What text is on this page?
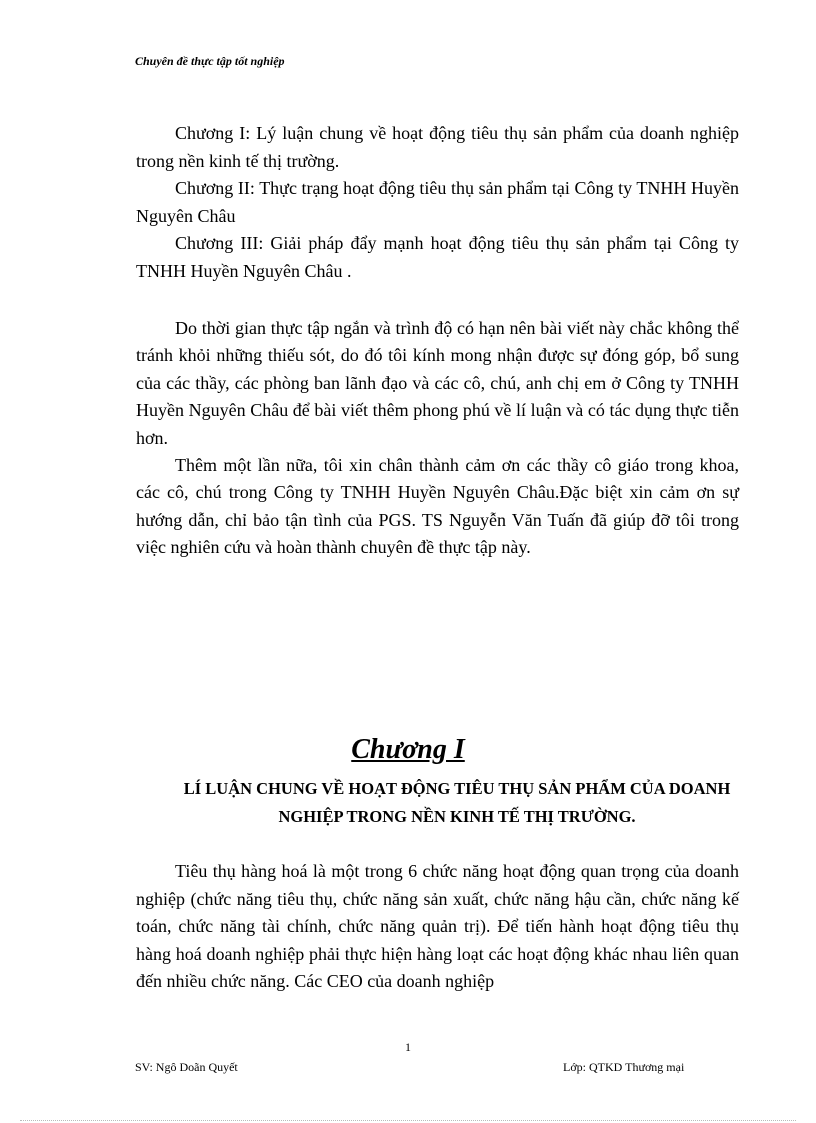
Chuyên đề thực tập tốt nghiệp

Chương I: Lý luận chung về hoạt động tiêu thụ sản phẩm của doanh nghiệp trong nền kinh tế thị trường.

Chương II: Thực trạng hoạt động tiêu thụ sản phẩm tại Công ty TNHH Huyền Nguyên Châu

Chương III: Giải pháp đẩy mạnh hoạt động tiêu thụ sản phẩm tại Công ty TNHH Huyền Nguyên Châu .

Do thời gian thực tập ngắn và trình độ có hạn nên bài viết này chắc không thể tránh khỏi những thiếu sót, do đó tôi kính mong nhận được sự đóng góp, bổ sung của các thầy, các phòng ban lãnh đạo và các cô, chú, anh chị em ở Công ty TNHH Huyền Nguyên Châu để bài viết thêm phong phú về lí luận và có tác dụng thực tiễn hơn.

Thêm một lần nữa, tôi xin chân thành cảm ơn các thầy cô giáo trong khoa, các cô, chú trong Công ty TNHH Huyền Nguyên Châu.Đặc biệt xin cảm ơn sự hướng dẫn, chỉ bảo tận tình của PGS. TS Nguyễn Văn Tuấn đã giúp đỡ tôi trong việc nghiên cứu và hoàn thành chuyên đề thực tập này.

Chương I
LÍ LUẬN CHUNG VỀ HOẠT ĐỘNG TIÊU THỤ SẢN PHẨM CỦA DOANH NGHIỆP TRONG NỀN KINH TẾ THỊ TRƯỜNG.

Tiêu thụ hàng hoá là một trong 6 chức năng hoạt động quan trọng của doanh nghiệp (chức năng tiêu thụ, chức năng sản xuất, chức năng hậu cần, chức năng kế toán, chức năng tài chính, chức năng quản trị). Để tiến hành hoạt động tiêu thụ hàng hoá doanh nghiệp phải thực hiện hàng loạt các hoạt động khác nhau liên quan đến nhiều chức năng. Các CEO của doanh nghiệp

1
SV: Ngô Doãn Quyết	Lớp: QTKD Thương mại
